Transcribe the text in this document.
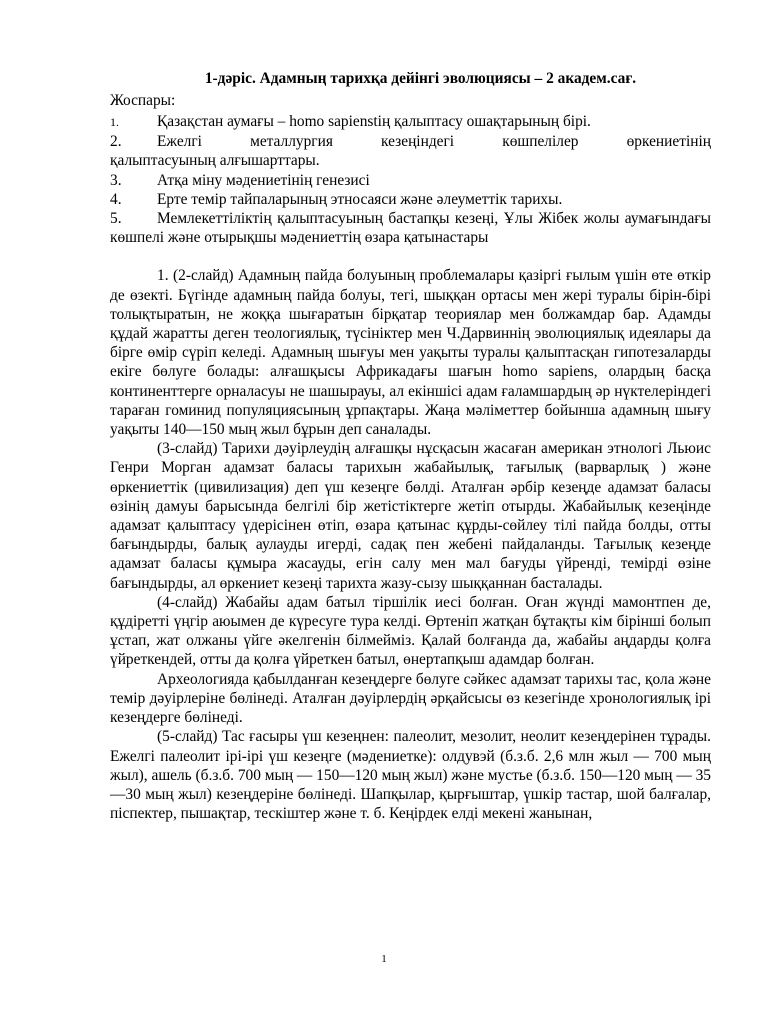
1-дәріс. Адамның тарихқа дейінгі эволюциясы – 2 академ.сағ.
Жоспары:
1. Қазақстан аумағы – homo sapienstің қалыптасу ошақтарының бірі.
2. Ежелгі металлургия кезеңіндегі көшпелілер өркениетінің
қалыптасуының алғышарттары.
3. Атқа міну мәдениетінің генезисі
4. Ерте темір тайпаларының этносаяси және әлеуметтік тарихы.
5. Мемлекеттіліктің қалыптасуының бастапқы кезеңі, Ұлы Жібек жолы аумағындағы көшпелі және отырықшы мәдениеттің өзара қатынастары

1. (2-слайд) Адамның пайда болуының проблемалары қазіргі ғылым үшін өте өткір де өзекті. Бүгінде адамның пайда болуы, тегі, шыққан ортасы мен жері туралы бірін-бірі толықтыратын, не жоққа шығаратын бірқатар теориялар мен болжамдар бар. Адамды құдай жаратты деген теологиялық, түсініктер мен Ч.Дарвиннің эволюциялық идеялары да бірге өмір сүріп келеді. Адамның шығуы мен уақыты туралы қалыптасқан гипотезаларды екіге бөлуге болады: алғашқысы Африкадағы шағын homo sapiens, олардың басқа континенттерге орналасуы не шашырауы, ал екіншісі адам ғаламшардың әр нүктелеріндегі тараған гоминид популяциясының ұрпақтары. Жаңа мәліметтер бойынша адамның шығу уақыты 140—150 мың жыл бұрын деп саналады.

(3-слайд) Тарихи дәуірлеудің алғашқы нұсқасын жасаған американ этнологі Льюис Генри Морган адамзат баласы тарихын жабайылық, тағылық (варварлық ) және өркениеттік (цивилизация) деп үш кезеңге бөлді. Аталған әрбір кезеңде адамзат баласы өзінің дамуы барысында белгілі бір жетістіктерге жетіп отырды. Жабайылық кезеңінде адамзат қалыптасу үдерісінен өтіп, өзара қатынас құрды-сөйлеу тілі пайда болды, отты бағындырды, балық аулауды игерді, садақ пен жебені пайдаланды. Тағылық кезеңде адамзат баласы құмыра жасауды, егін салу мен мал бағуды үйренді, темірді өзіне бағындырды, ал өркениет кезеңі тарихта жазу-сызу шыққаннан басталады.

(4-слайд) Жабайы адам батыл тіршілік иесі болған. Оған жүнді мамонтпен де, құдіретті үңгір аюымен де күресуге тура келді. Өртеніп жатқан бұтақты кім бірінші болып ұстап, жат олжаны үйге әкелгенін білмейміз. Қалай болғанда да, жабайы аңдарды қолға үйреткендей, отты да қолға үйреткен батыл, өнертапқыш адамдар болған.

Археологияда қабылданған кезеңдерге бөлуге сәйкес адамзат тарихы тас, қола және темір дәуірлеріне бөлінеді. Аталған дәуірлердің әрқайсысы өз кезегінде хронологиялық ірі кезеңдерге бөлінеді.

(5-слайд) Тас ғасыры үш кезеңнен: палеолит, мезолит, неолит кезеңдерінен тұрады. Ежелгі палеолит ірі-ірі үш кезеңге (мәдениетке): олдувэй (б.з.б. 2,6 млн жыл — 700 мың жыл), ашель (б.з.б. 700 мың — 150—120 мың жыл) және мустье (б.з.б. 150—120 мың — 35—30 мың жыл) кезеңдеріне бөлінеді. Шапқылар, қырғыштар, үшкір тастар, шой балғалар, піспектер, пышақтар, тескіштер және т. б. Кеңірдек елді мекені жанынан,

1
